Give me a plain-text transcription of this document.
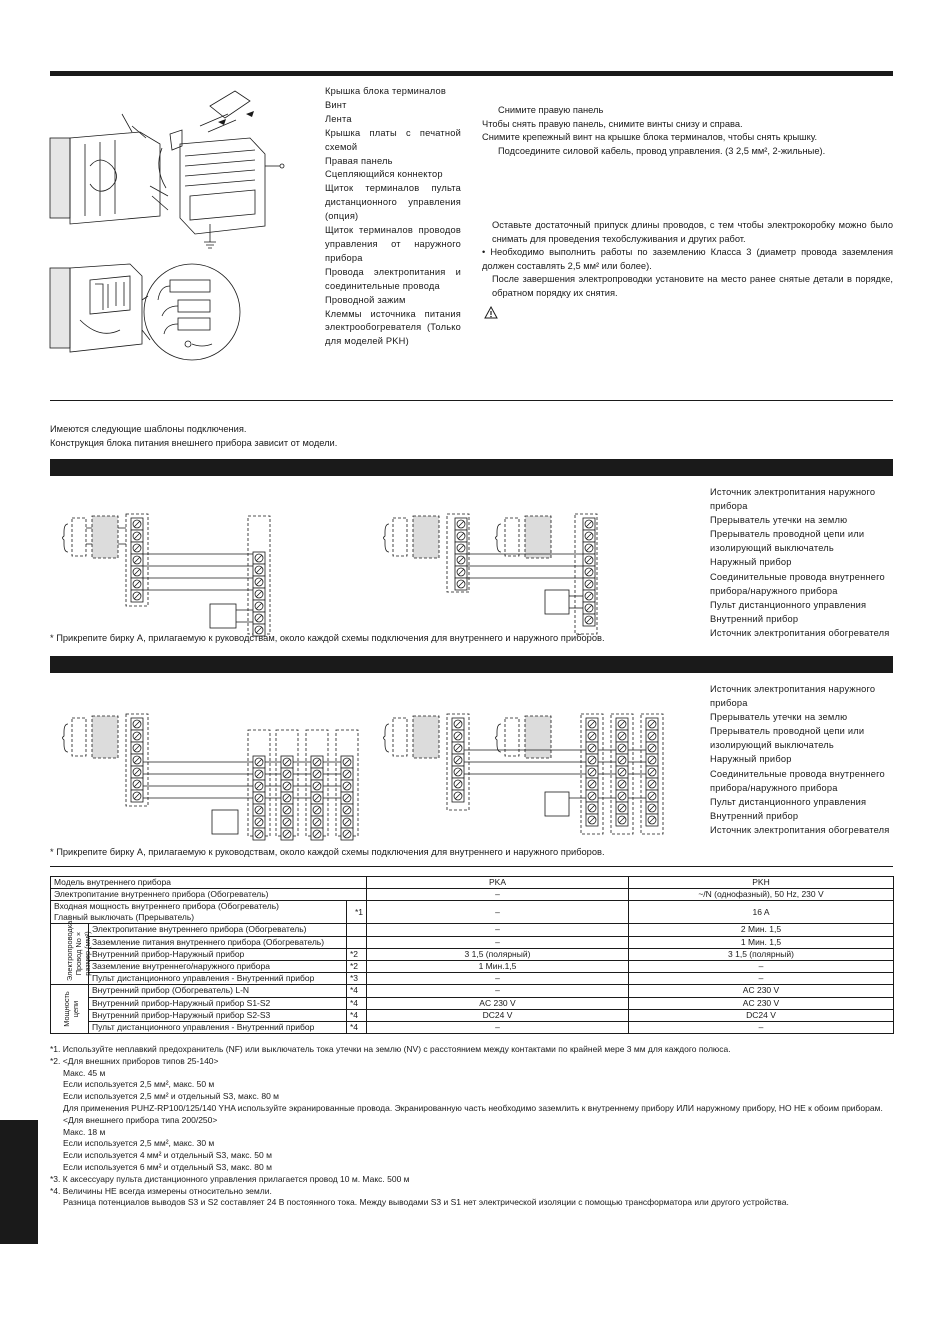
Крышка блока терминалов
Винт
Лента
Крышка платы с печатной схемой
Правая панель
Сцепляющийся коннектор
Щиток терминалов пульта дистанционного управления (опция)
Щиток терминалов проводов управления от наружного прибора
Провода электропитания и соединительные провода
Проводной зажим
Клеммы источника питания электрообогревателя (Только для моделей PKH)

Снимите правую панель

Чтобы снять правую панель, снимите винты снизу и справа.

Снимите крепежный винт на крышке блока терминалов, чтобы снять крышку.

Подсоедините силовой кабель, провод управления. (3 2,5 мм², 2-жильные).

Оставьте достаточный припуск длины проводов, с тем чтобы электрокоробку можно было снимать для проведения техобслуживания и других работ.

• Необходимо выполнить работы по заземлению Класса 3 (диаметр провода заземления должен составлять 2,5 мм² или более).

После завершения электропроводки установите на место ранее снятые детали в порядке, обратном порядку их снятия.

Имеются следующие шаблоны подключения.

Конструкция блока питания внешнего прибора зависит от модели.

Источник электропитания наружного прибора
Прерыватель утечки на землю
Прерыватель проводной цепи или изолирующий выключатель
Наружный прибор
Соединительные провода внутреннего прибора/наружного прибора
Пульт дистанционного управления
Внутренний прибор
Источник электропитания обогревателя
* Прикрепите бирку А, прилагаемую к руководствам, около каждой схемы подключения для внутреннего и наружного приборов.
Источник электропитания наружного прибора
Прерыватель утечки на землю
Прерыватель проводной цепи или изолирующий выключатель
Наружный прибор
Соединительные провода внутреннего прибора/наружного прибора
Пульт дистанционного управления
Внутренний прибор
Источник электропитания обогревателя
* Прикрепите бирку А, прилагаемую к руководствам, около каждой схемы подключения для внутреннего и наружного приборов.
Модель внутреннего прибора			PKA	PKH
Электропитание внутреннего прибора (Обогреватель)			–	~/N (однофазный), 50 Hz, 230 V

Входная мощность внутреннего прибора (Обогреватель)
Главный выключать (Прерыватель)		*1	–	16 A
Электропроводка Провод No × размер (мм²)	Электропитание внутреннего прибора (Обогреватель)		–	2 Мин. 1,5
	Заземление питания внутреннего прибора (Обогреватель)		–	1 Мин. 1,5
	Внутренний прибор-Наружный прибор	*2	3 1,5 (полярный)	3 1,5 (полярный)
	Заземление внутреннего/наружного прибора	*2	1 Мин.1,5	–
	Пульт дистанционного управления - Внутренний прибор	*3	–	–
Мощность цепи	Внутренний прибор (Обогреватель) L-N	*4	–	AC 230 V
	Внутренний прибор-Наружный прибор S1-S2	*4	AC 230 V	AC 230 V
	Внутренний прибор-Наружный прибор S2-S3	*4	DC24 V	DC24 V
	Пульт дистанционного управления - Внутренний прибор	*4	–	–

*1. Используйте неплавкий предохранитель (NF) или выключатель тока утечки на землю (NV) с расстоянием между контактами по крайней мере 3 мм для каждого полюса.

*2. <Для внешних приборов типов 25-140>

Макс. 45 м

Если используется 2,5 мм², макс. 50 м

Если используется 2,5 мм² и отдельный S3, макс. 80 м

Для применения PUHZ-RP100/125/140 YHA используйте экранированные провода. Экранированную часть необходимо заземлить к внутреннему прибору ИЛИ наружному прибору, НО НЕ к обоим приборам.

<Для внешнего прибора типа 200/250>

Макс. 18 м

Если используется 2,5 мм², макс. 30 м

Если используется 4 мм² и отдельный S3, макс. 50 м

Если используется 6 мм² и отдельный S3, макс. 80 м

*3. К аксессуару пульта дистанционного управления прилагается провод 10 м. Макс. 500 м

*4. Величины НЕ всегда измерены относительно земли.

Разница потенциалов выводов S3 и S2 составляет 24 В постоянного тока. Между выводами S3 и S1 нет электрической изоляции с помощью трансформатора или другого устройства.
